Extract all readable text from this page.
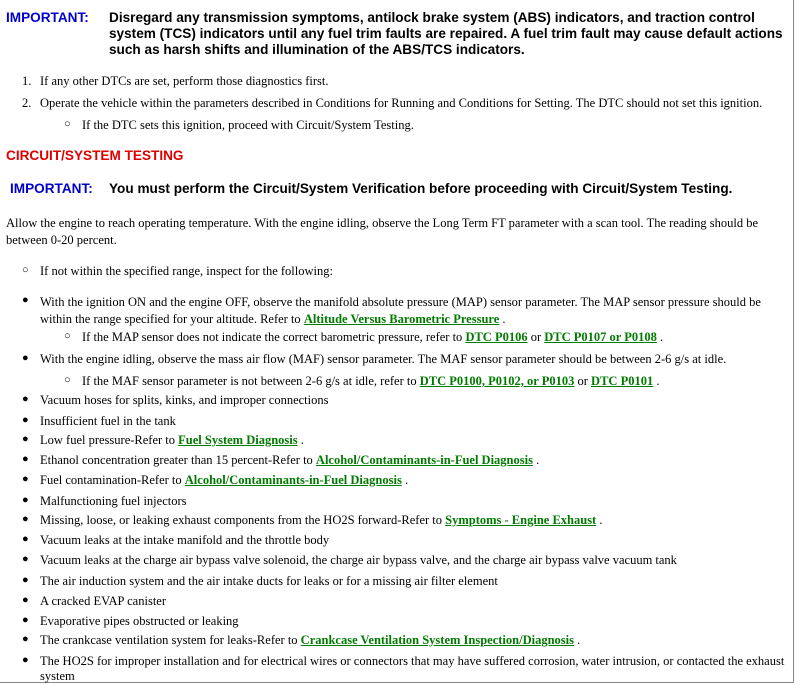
IMPORTANT: Disregard any transmission symptoms, antilock brake system (ABS) indicators, and traction control system (TCS) indicators until any fuel trim faults are repaired. A fuel trim fault may cause default actions such as harsh shifts and illumination of the ABS/TCS indicators.
1. If any other DTCs are set, perform those diagnostics first.
2. Operate the vehicle within the parameters described in Conditions for Running and Conditions for Setting. The DTC should not set this ignition.
○ If the DTC sets this ignition, proceed with Circuit/System Testing.
CIRCUIT/SYSTEM TESTING
IMPORTANT: You must perform the Circuit/System Verification before proceeding with Circuit/System Testing.
Allow the engine to reach operating temperature. With the engine idling, observe the Long Term FT parameter with a scan tool. The reading should be between 0-20 percent.
○ If not within the specified range, inspect for the following:
● With the ignition ON and the engine OFF, observe the manifold absolute pressure (MAP) sensor parameter. The MAP sensor pressure should be within the range specified for your altitude. Refer to Altitude Versus Barometric Pressure .
○ If the MAP sensor does not indicate the correct barometric pressure, refer to DTC P0106 or DTC P0107 or P0108 .
● With the engine idling, observe the mass air flow (MAF) sensor parameter. The MAF sensor parameter should be between 2-6 g/s at idle.
○ If the MAF sensor parameter is not between 2-6 g/s at idle, refer to DTC P0100, P0102, or P0103 or DTC P0101 .
● Vacuum hoses for splits, kinks, and improper connections
● Insufficient fuel in the tank
● Low fuel pressure-Refer to Fuel System Diagnosis .
● Ethanol concentration greater than 15 percent-Refer to Alcohol/Contaminants-in-Fuel Diagnosis .
● Fuel contamination-Refer to Alcohol/Contaminants-in-Fuel Diagnosis .
● Malfunctioning fuel injectors
● Missing, loose, or leaking exhaust components from the HO2S forward-Refer to Symptoms - Engine Exhaust .
● Vacuum leaks at the intake manifold and the throttle body
● Vacuum leaks at the charge air bypass valve solenoid, the charge air bypass valve, and the charge air bypass valve vacuum tank
● The air induction system and the air intake ducts for leaks or for a missing air filter element
● A cracked EVAP canister
● Evaporative pipes obstructed or leaking
● The crankcase ventilation system for leaks-Refer to Crankcase Ventilation System Inspection/Diagnosis .
● The HO2S for improper installation and for electrical wires or connectors that may have suffered corrosion, water intrusion, or contacted the exhaust system
